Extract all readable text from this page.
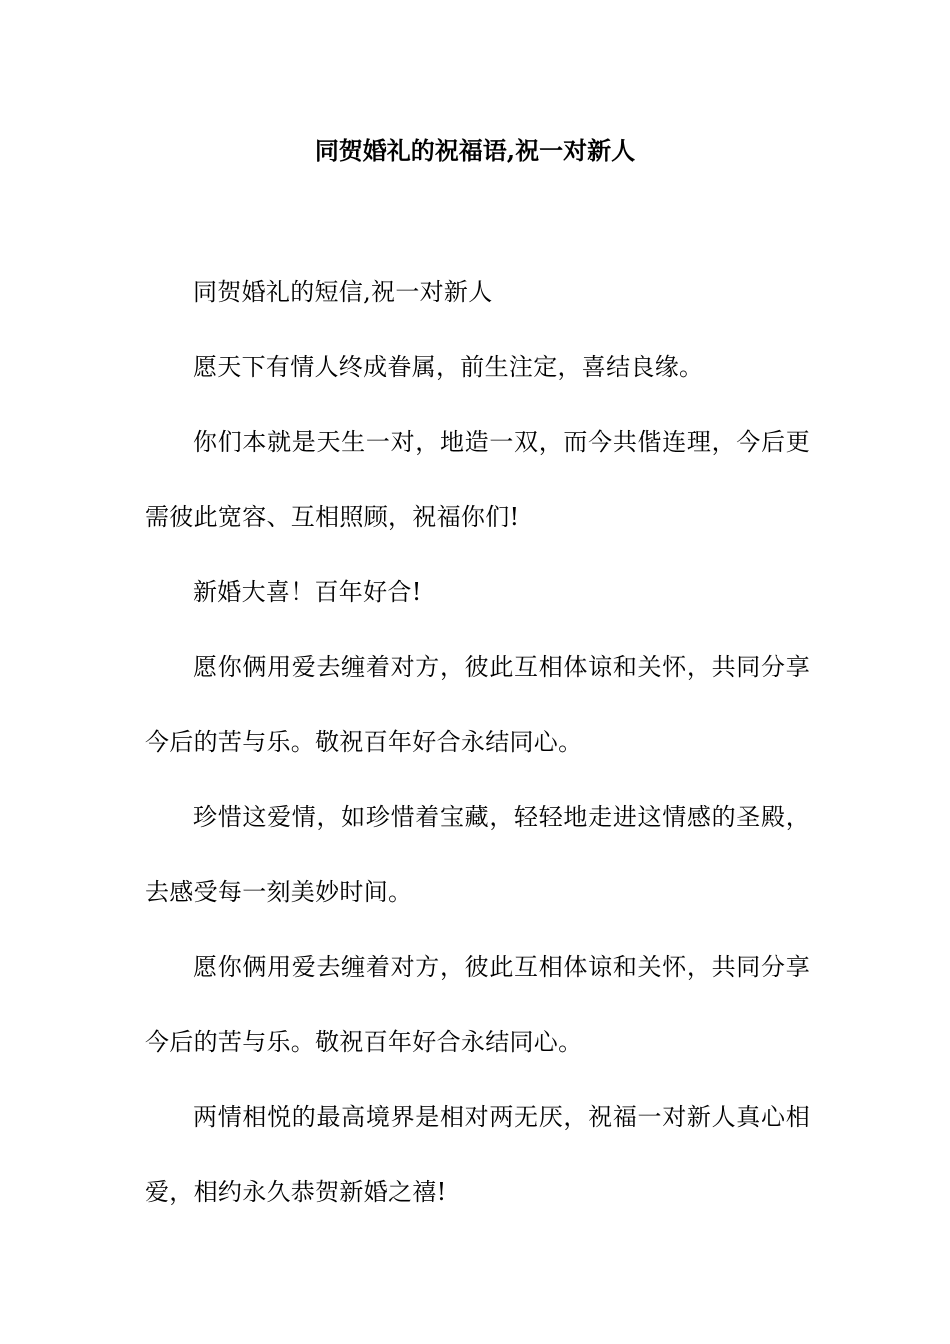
同贺婚礼的祝福语,祝一对新人

同贺婚礼的短信,祝一对新人

愿天下有情人终成眷属，前生注定，喜结良缘。

你们本就是天生一对，地造一双，而今共偕连理，今后更需彼此宽容、互相照顾，祝福你们!

新婚大喜！百年好合!

愿你俩用爱去缠着对方，彼此互相体谅和关怀，共同分享今后的苦与乐。敬祝百年好合永结同心。

珍惜这爱情，如珍惜着宝藏，轻轻地走进这情感的圣殿，去感受每一刻美妙时间。

愿你俩用爱去缠着对方，彼此互相体谅和关怀，共同分享今后的苦与乐。敬祝百年好合永结同心。

两情相悦的最高境界是相对两无厌，祝福一对新人真心相爱，相约永久恭贺新婚之禧!
